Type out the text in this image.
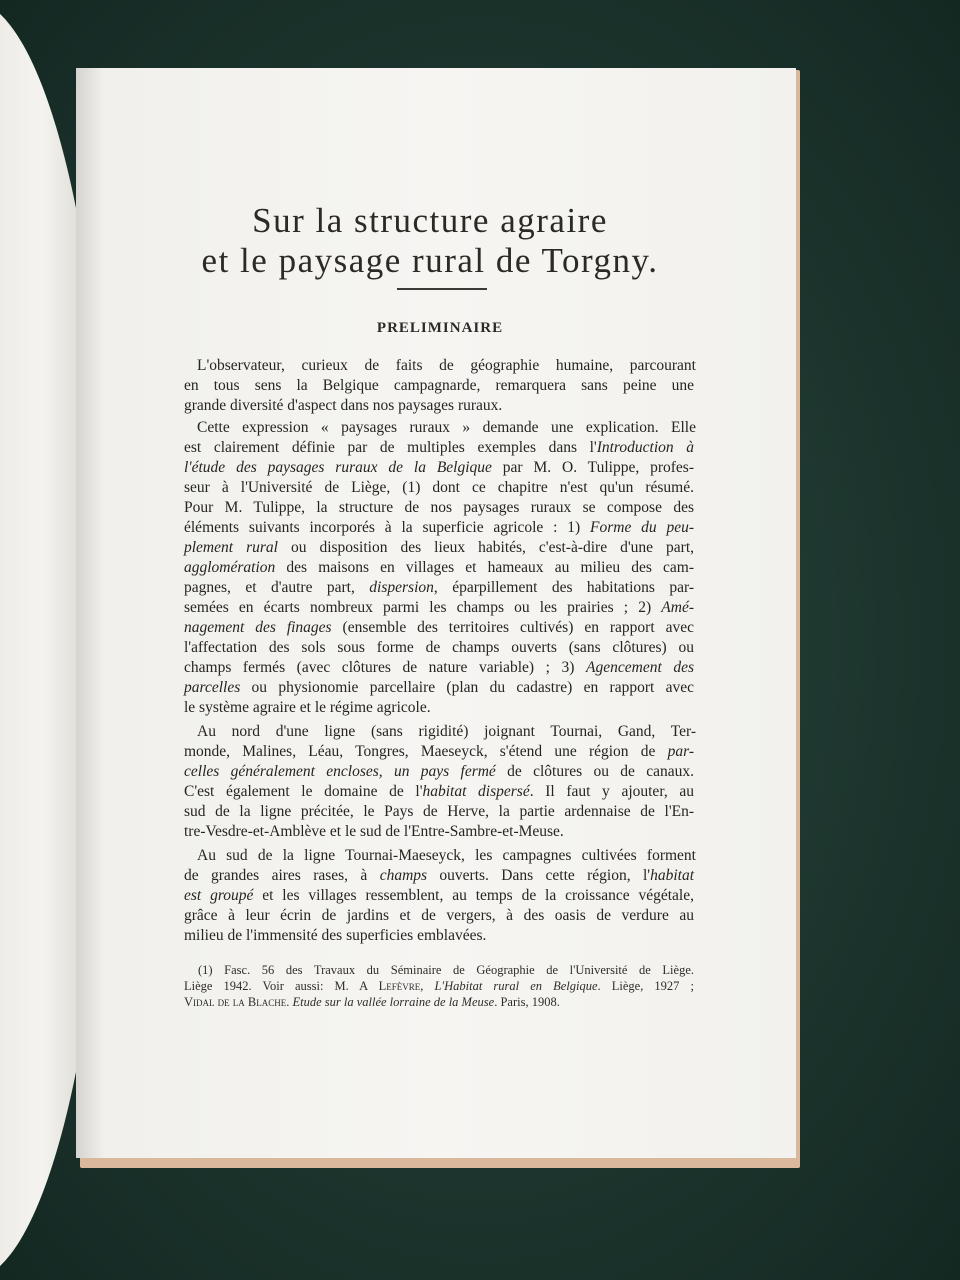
Sur la structure agraire
et le paysage rural de Torgny.
PRELIMINAIRE
L'observateur, curieux de faits de géographie humaine, parcourant
en tous sens la Belgique campagnarde, remarquera sans peine une
grande diversité d'aspect dans nos paysages ruraux.
Cette expression « paysages ruraux » demande une explication. Elle
est clairement définie par de multiples exemples dans l'Introduction à
l'étude des paysages ruraux de la Belgique par M. O. Tulippe, profes-
seur à l'Université de Liège, (1) dont ce chapitre n'est qu'un résumé.
Pour M. Tulippe, la structure de nos paysages ruraux se compose des
éléments suivants incorporés à la superficie agricole : 1) Forme du peu-
plement rural ou disposition des lieux habités, c'est-à-dire d'une part,
agglomération des maisons en villages et hameaux au milieu des cam-
pagnes, et d'autre part, dispersion, éparpillement des habitations par-
semées en écarts nombreux parmi les champs ou les prairies ; 2) Amé-
nagement des finages (ensemble des territoires cultivés) en rapport avec
l'affectation des sols sous forme de champs ouverts (sans clôtures) ou
champs fermés (avec clôtures de nature variable) ; 3) Agencement des
parcelles ou physionomie parcellaire (plan du cadastre) en rapport avec
le système agraire et le régime agricole.
Au nord d'une ligne (sans rigidité) joignant Tournai, Gand, Ter-
monde, Malines, Léau, Tongres, Maeseyck, s'étend une région de par-
celles généralement encloses, un pays fermé de clôtures ou de canaux.
C'est également le domaine de l'habitat dispersé. Il faut y ajouter, au
sud de la ligne précitée, le Pays de Herve, la partie ardennaise de l'En-
tre-Vesdre-et-Amblève et le sud de l'Entre-Sambre-et-Meuse.
Au sud de la ligne Tournai-Maeseyck, les campagnes cultivées forment
de grandes aires rases, à champs ouverts. Dans cette région, l'habitat
est groupé et les villages ressemblent, au temps de la croissance végétale,
grâce à leur écrin de jardins et de vergers, à des oasis de verdure au
milieu de l'immensité des superficies emblavées.
(1) Fasc. 56 des Travaux du Séminaire de Géographie de l'Université de Liège.
Liège 1942. Voir aussi: M. A Lefèvre, L'Habitat rural en Belgique. Liège, 1927 ;
Vidal de la Blache. Etude sur la vallée lorraine de la Meuse. Paris, 1908.
